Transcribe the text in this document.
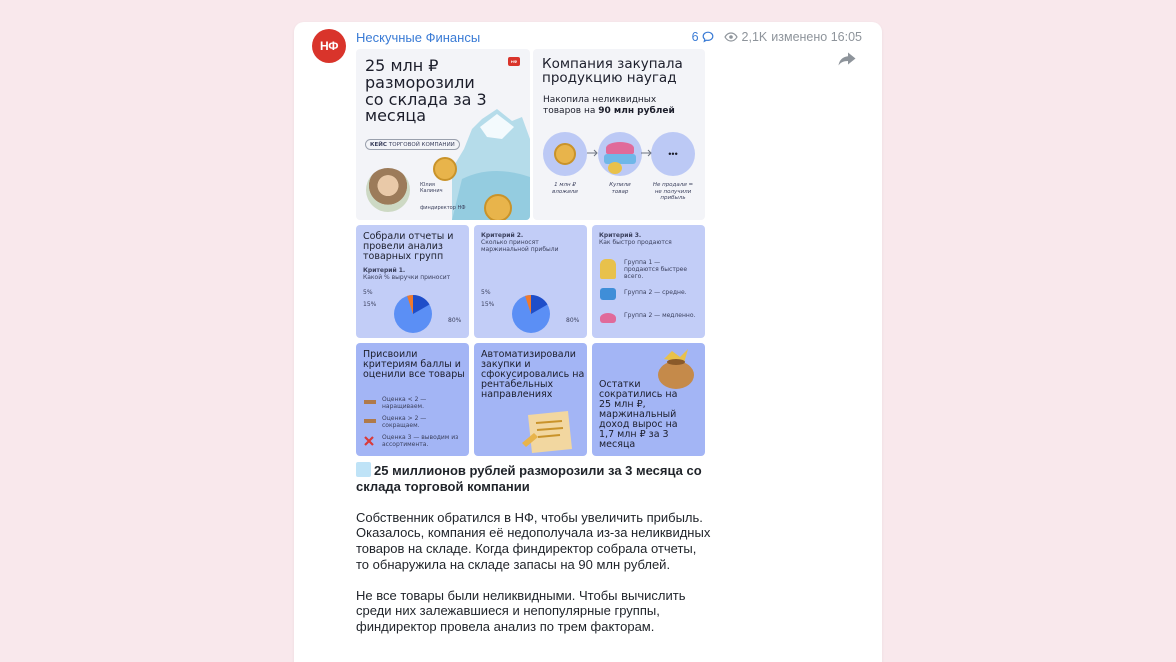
НФ
Нескучные Финансы	6	2,1K изменено 16:05
25 млн ₽ разморозили со склада за 3 месяца
НФ
КЕЙС ТОРГОВОЙ КОМПАНИИ
Юлия Калинич
финдиректор НФ
Компания закупала продукцию наугад
Накопила неликвидных
товаров на 90 млн рублей
•••
1 млн ₽ вложили
Купили товар
Не продали = не получили прибыль
Собрали отчеты и провели анализ товарных групп
Критерий 1.
Какой % выручки приносит
5%
15%
80%
Критерий 2.
Сколько приносят маржинальной прибыли
5%
15%
80%
Критерий 3.
Как быстро продаются
Группа 1 — продаются быстрее всего.
Группа 2 — средне.
Группа 2 — медленно.
Присвоили критериям баллы и оценили все товары
Оценка < 2 — наращиваем.
Оценка > 2 — сокращаем.
Оценка 3 — выводим из ассортимента.
Автоматизировали закупки и сфокусировались на рентабельных направлениях
Остатки сократились на 25 млн ₽, маржинальный доход вырос на 1,7 млн ₽ за 3 месяца

25 миллионов рублей разморозили за 3 месяца со склада торговой компании

Собственник обратился в НФ, чтобы увеличить прибыль. Оказалось, компания её недополучала из-за неликвидных товаров на складе. Когда финдиректор собрала отчеты, то обнаружила на складе запасы на 90 млн рублей.

Не все товары были неликвидными. Чтобы вычислить среди них залежавшиеся и непопулярные группы, финдиректор провела анализ по трем факторам.
